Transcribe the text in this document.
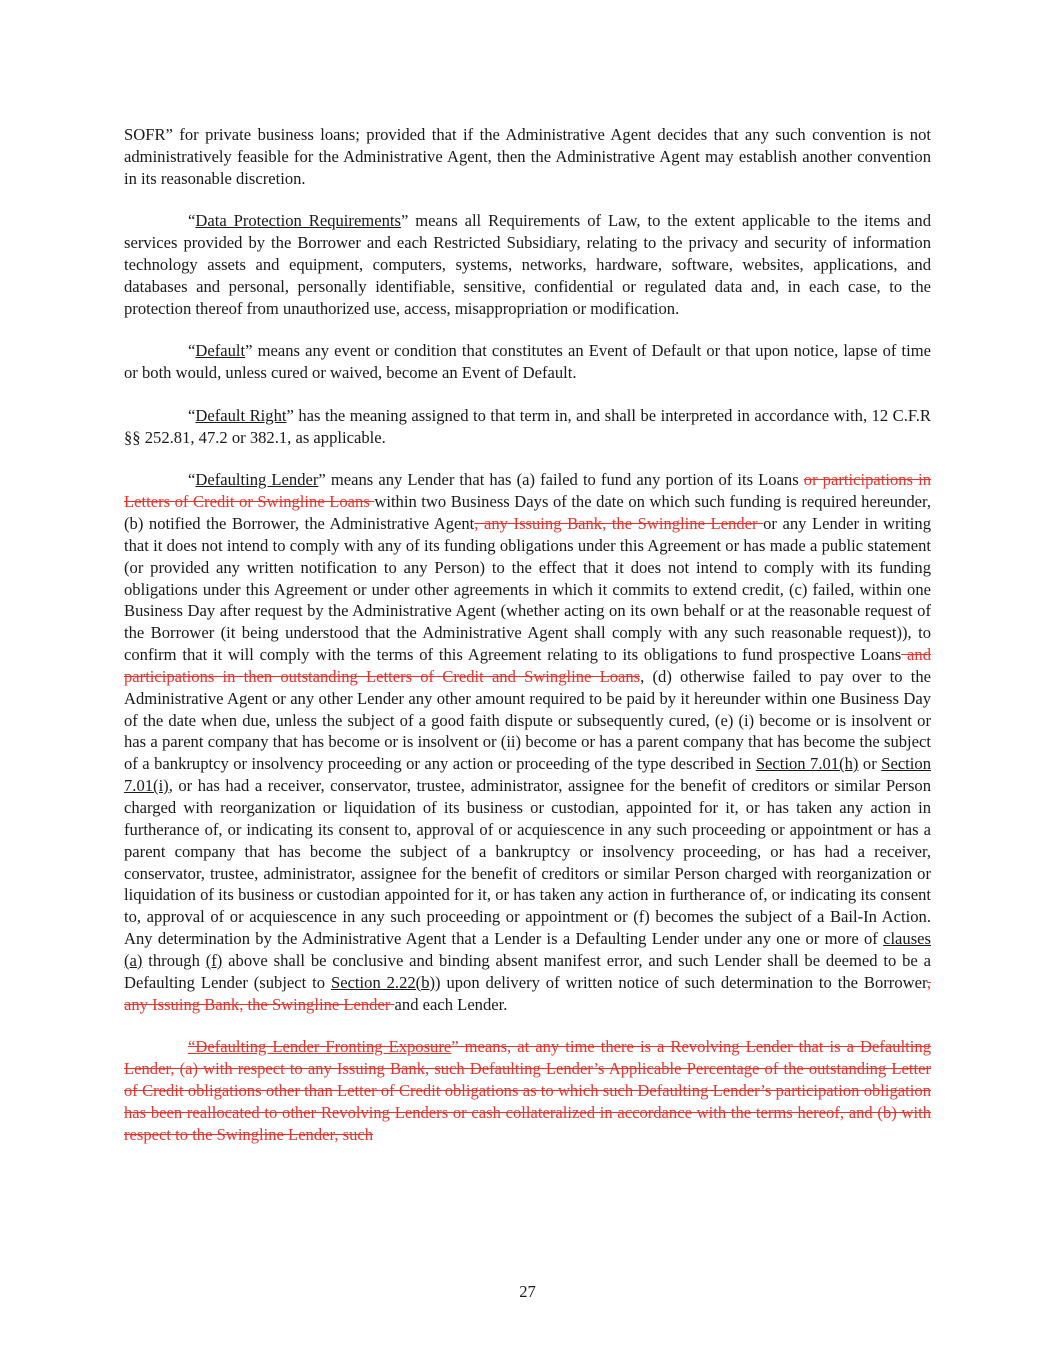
SOFR” for private business loans; provided that if the Administrative Agent decides that any such convention is not administratively feasible for the Administrative Agent, then the Administrative Agent may establish another convention in its reasonable discretion.

“Data Protection Requirements” means all Requirements of Law, to the extent applicable to the items and services provided by the Borrower and each Restricted Subsidiary, relating to the privacy and security of information technology assets and equipment, computers, systems, networks, hardware, software, websites, applications, and databases and personal, personally identifiable, sensitive, confidential or regulated data and, in each case, to the protection thereof from unauthorized use, access, misappropriation or modification.

“Default” means any event or condition that constitutes an Event of Default or that upon notice, lapse of time or both would, unless cured or waived, become an Event of Default.

“Default Right” has the meaning assigned to that term in, and shall be interpreted in accordance with, 12 C.F.R §§ 252.81, 47.2 or 382.1, as applicable.

“Defaulting Lender” means any Lender that has (a) failed to fund any portion of its Loans or participations in Letters of Credit or Swingline Loans within two Business Days of the date on which such funding is required hereunder, (b) notified the Borrower, the Administrative Agent, any Issuing Bank, the Swingline Lender or any Lender in writing that it does not intend to comply with any of its funding obligations under this Agreement or has made a public statement (or provided any written notification to any Person) to the effect that it does not intend to comply with its funding obligations under this Agreement or under other agreements in which it commits to extend credit, (c) failed, within one Business Day after request by the Administrative Agent (whether acting on its own behalf or at the reasonable request of the Borrower (it being understood that the Administrative Agent shall comply with any such reasonable request)), to confirm that it will comply with the terms of this Agreement relating to its obligations to fund prospective Loans and participations in then outstanding Letters of Credit and Swingline Loans, (d) otherwise failed to pay over to the Administrative Agent or any other Lender any other amount required to be paid by it hereunder within one Business Day of the date when due, unless the subject of a good faith dispute or subsequently cured, (e) (i) become or is insolvent or has a parent company that has become or is insolvent or (ii) become or has a parent company that has become the subject of a bankruptcy or insolvency proceeding or any action or proceeding of the type described in Section 7.01(h) or Section 7.01(i), or has had a receiver, conservator, trustee, administrator, assignee for the benefit of creditors or similar Person charged with reorganization or liquidation of its business or custodian, appointed for it, or has taken any action in furtherance of, or indicating its consent to, approval of or acquiescence in any such proceeding or appointment or has a parent company that has become the subject of a bankruptcy or insolvency proceeding, or has had a receiver, conservator, trustee, administrator, assignee for the benefit of creditors or similar Person charged with reorganization or liquidation of its business or custodian appointed for it, or has taken any action in furtherance of, or indicating its consent to, approval of or acquiescence in any such proceeding or appointment or (f) becomes the subject of a Bail-In Action. Any determination by the Administrative Agent that a Lender is a Defaulting Lender under any one or more of clauses (a) through (f) above shall be conclusive and binding absent manifest error, and such Lender shall be deemed to be a Defaulting Lender (subject to Section 2.22(b)) upon delivery of written notice of such determination to the Borrower, any Issuing Bank, the Swingline Lender and each Lender.

“Defaulting Lender Fronting Exposure” means, at any time there is a Revolving Lender that is a Defaulting Lender, (a) with respect to any Issuing Bank, such Defaulting Lender’s Applicable Percentage of the outstanding Letter of Credit obligations other than Letter of Credit obligations as to which such Defaulting Lender’s participation obligation has been reallocated to other Revolving Lenders or cash collateralized in accordance with the terms hereof, and (b) with respect to the Swingline Lender, such

27
